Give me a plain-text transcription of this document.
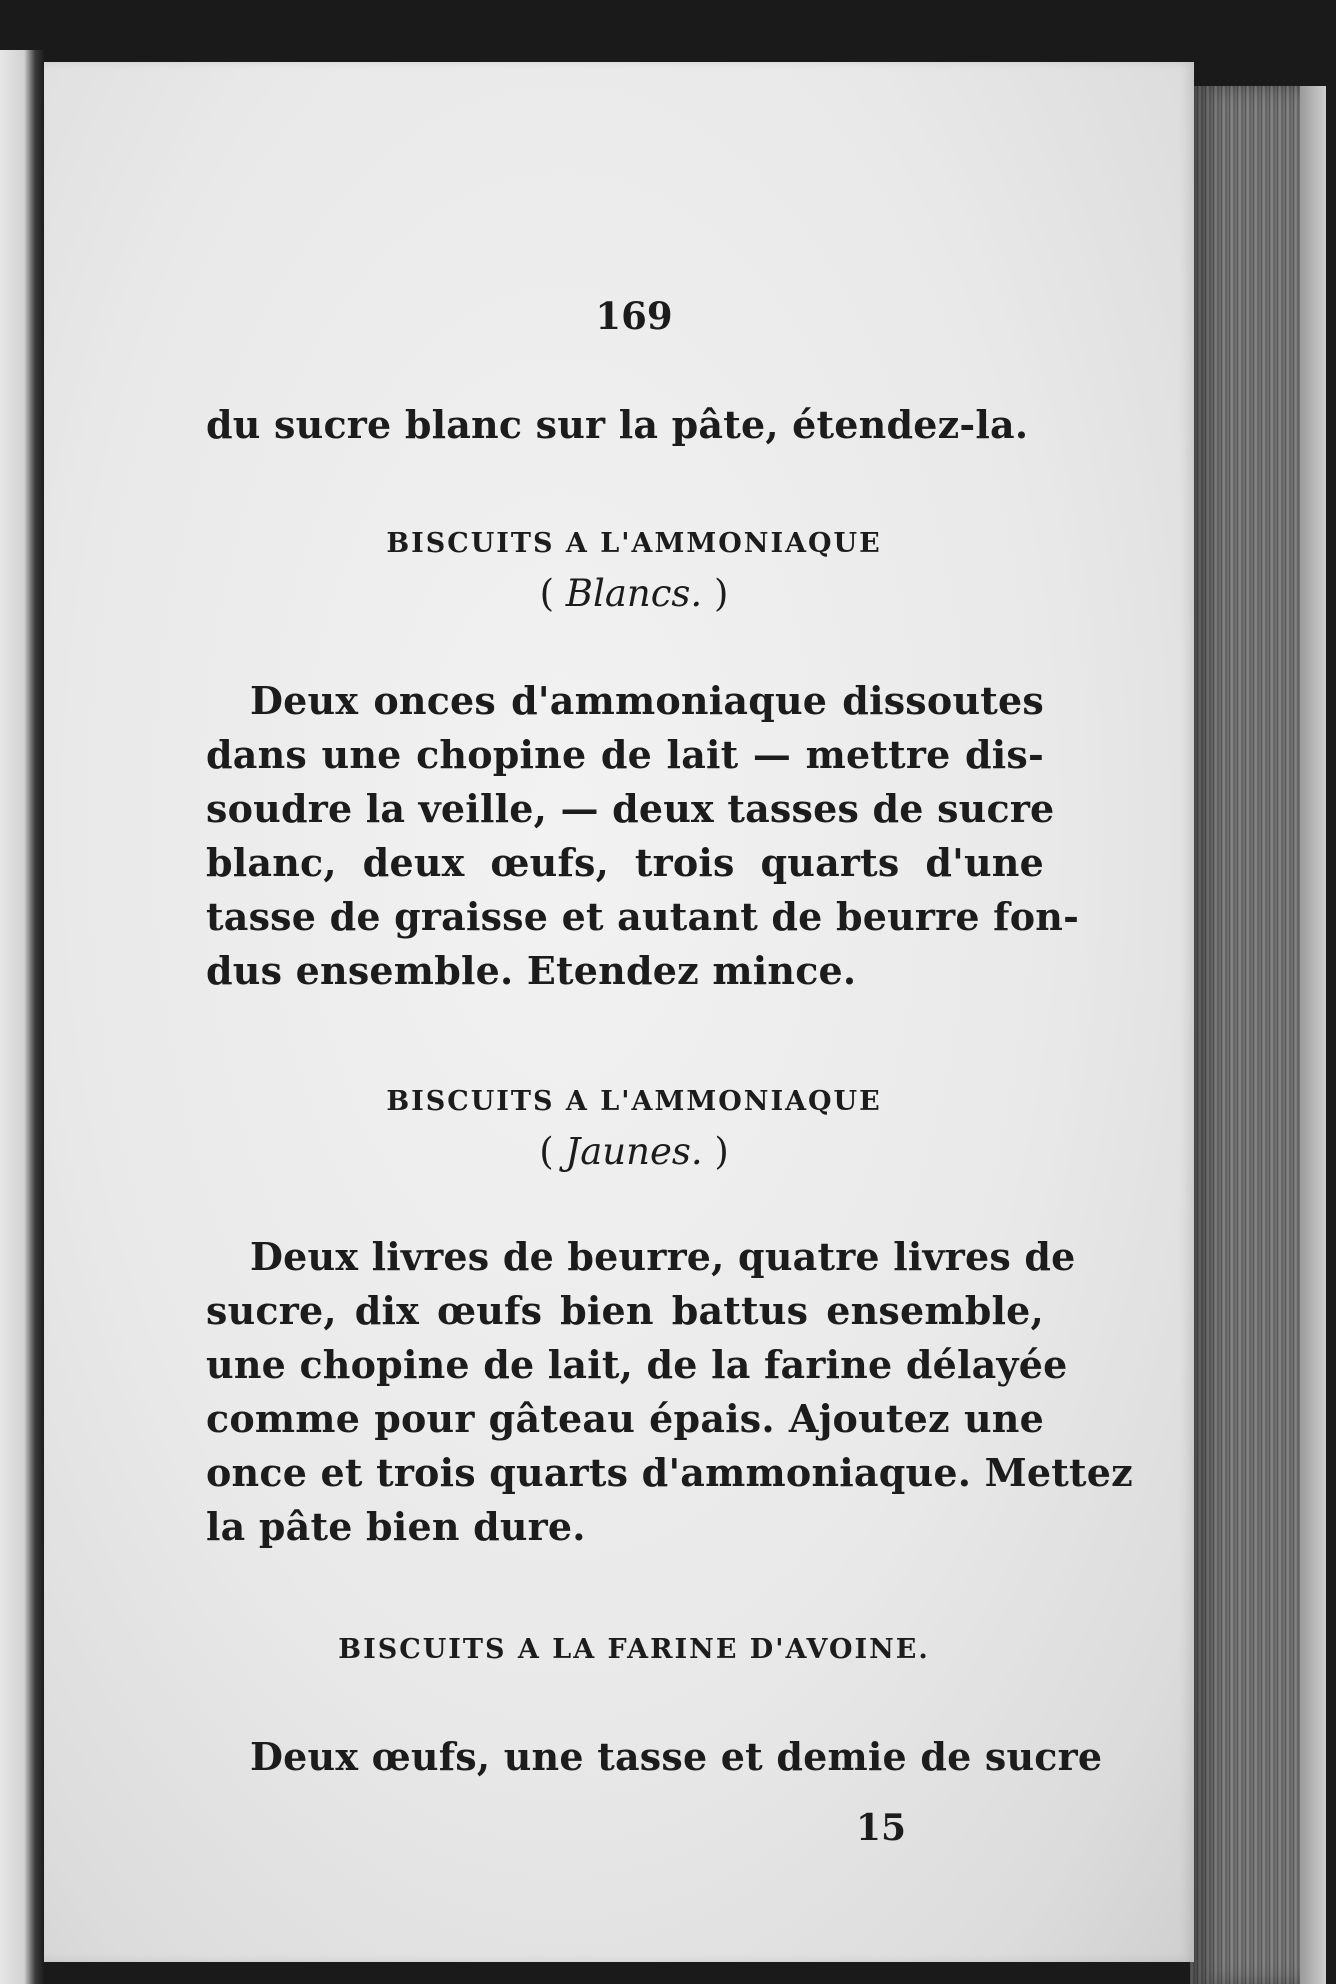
169
du sucre blanc sur la pâte, étendez-la.
BISCUITS A L'AMMONIAQUE
( Blancs. )
Deux onces d'ammoniaque dissoutes
dans une chopine de lait — mettre dis-
soudre la veille, — deux tasses de sucre
blanc, deux œufs, trois quarts d'une
tasse de graisse et autant de beurre fon-
dus ensemble. Etendez mince.
BISCUITS A L'AMMONIAQUE
( Jaunes. )
Deux livres de beurre, quatre livres de
sucre, dix œufs bien battus ensemble,
une chopine de lait, de la farine délayée
comme pour gâteau épais. Ajoutez une
once et trois quarts d'ammoniaque. Mettez
la pâte bien dure.
BISCUITS A LA FARINE D'AVOINE.
Deux œufs, une tasse et demie de sucre
15
